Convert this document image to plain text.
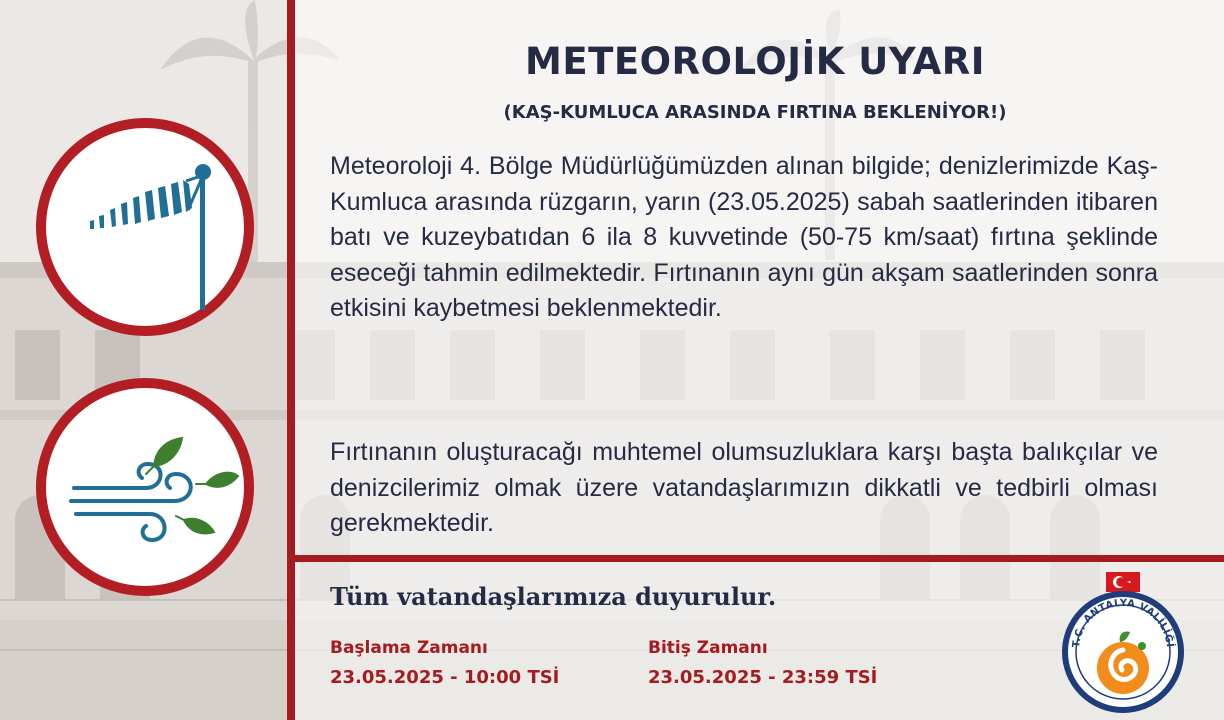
METEOROLOJİK UYARI
(KAŞ-KUMLUCA ARASINDA FIRTINA BEKLENİYOR!)

Meteoroloji 4. Bölge Müdürlüğümüzden alınan bilgide; denizlerimizde Kaş-Kumluca arasında rüzgarın, yarın (23.05.2025) sabah saatlerinden itibaren batı ve kuzeybatıdan 6 ila 8 kuvvetinde (50-75 km/saat) fırtına şeklinde eseceği tahmin edilmektedir. Fırtınanın aynı gün akşam saatlerinden sonra etkisini kaybetmesi beklenmektedir.

Fırtınanın oluşturacağı muhtemel olumsuzluklara karşı başta balıkçılar ve denizcilerimiz olmak üzere vatandaşlarımızın dikkatli ve tedbirli olması gerekmektedir.

Tüm vatandaşlarımıza duyurulur.
Başlama Zamanı
23.05.2025 - 10:00 TSİ
Bitiş Zamanı
23.05.2025 - 23:59 TSİ
T.C. ANTALYA VALİLİĞİ
